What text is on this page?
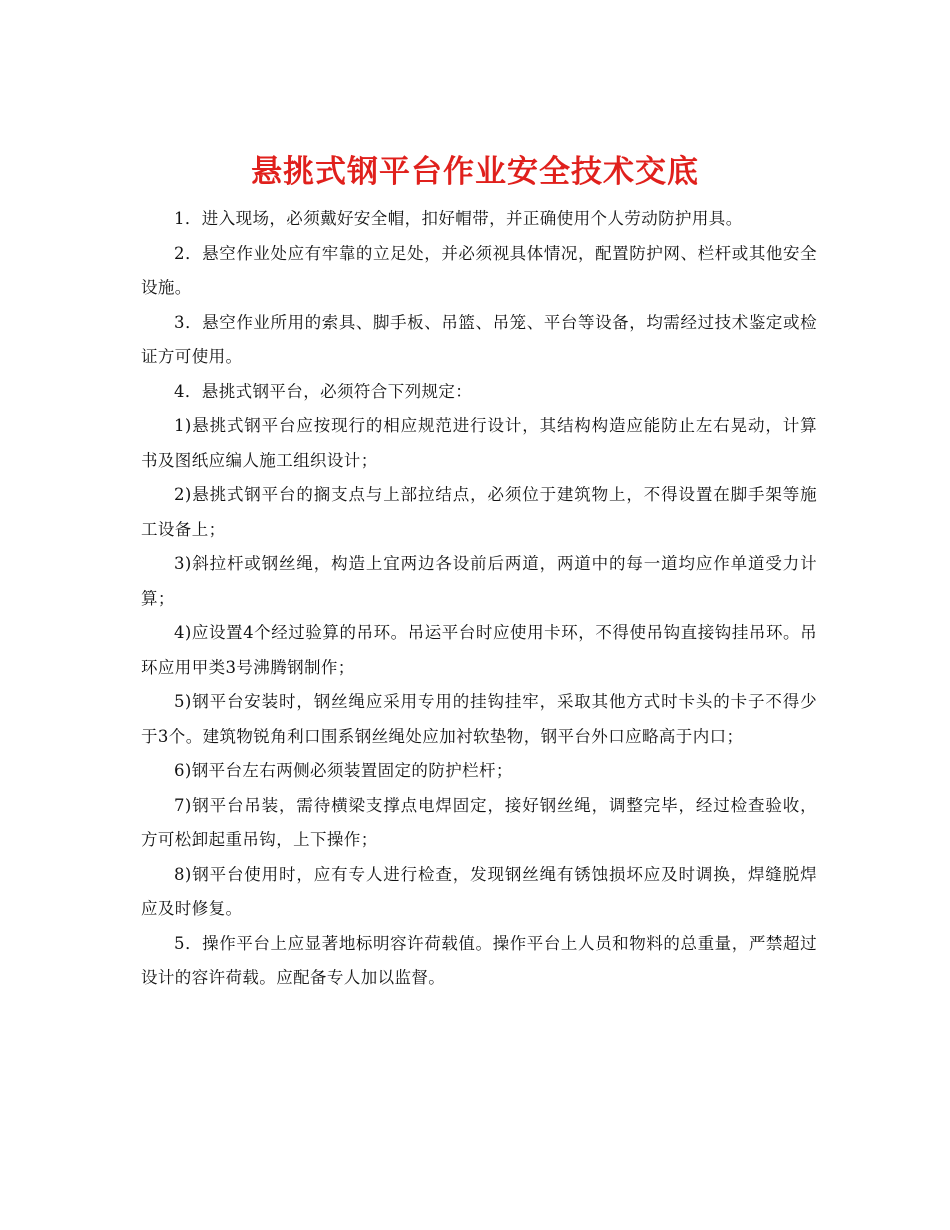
悬挑式钢平台作业安全技术交底

1．进入现场，必须戴好安全帽，扣好帽带，并正确使用个人劳动防护用具。

2．悬空作业处应有牢靠的立足处，并必须视具体情况，配置防护网、栏杆或其他安全设施。

3．悬空作业所用的索具、脚手板、吊篮、吊笼、平台等设备，均需经过技术鉴定或检证方可使用。

4．悬挑式钢平台，必须符合下列规定：

1)悬挑式钢平台应按现行的相应规范进行设计，其结构构造应能防止左右晃动，计算书及图纸应编人施工组织设计；

2)悬挑式钢平台的搁支点与上部拉结点，必须位于建筑物上，不得设置在脚手架等施工设备上；

3)斜拉杆或钢丝绳，构造上宜两边各设前后两道，两道中的每一道均应作单道受力计算；

4)应设置4个经过验算的吊环。吊运平台时应使用卡环，不得使吊钩直接钩挂吊环。吊环应用甲类3号沸腾钢制作；

5)钢平台安装时，钢丝绳应采用专用的挂钩挂牢，采取其他方式时卡头的卡子不得少于3个。建筑物锐角利口围系钢丝绳处应加衬软垫物，钢平台外口应略高于内口；

6)钢平台左右两侧必须装置固定的防护栏杆；

7)钢平台吊装，需待横梁支撑点电焊固定，接好钢丝绳，调整完毕，经过检查验收，方可松卸起重吊钩，上下操作；

8)钢平台使用时，应有专人进行检查，发现钢丝绳有锈蚀损坏应及时调换，焊缝脱焊应及时修复。

5．操作平台上应显著地标明容许荷载值。操作平台上人员和物料的总重量，严禁超过设计的容许荷载。应配备专人加以监督。
